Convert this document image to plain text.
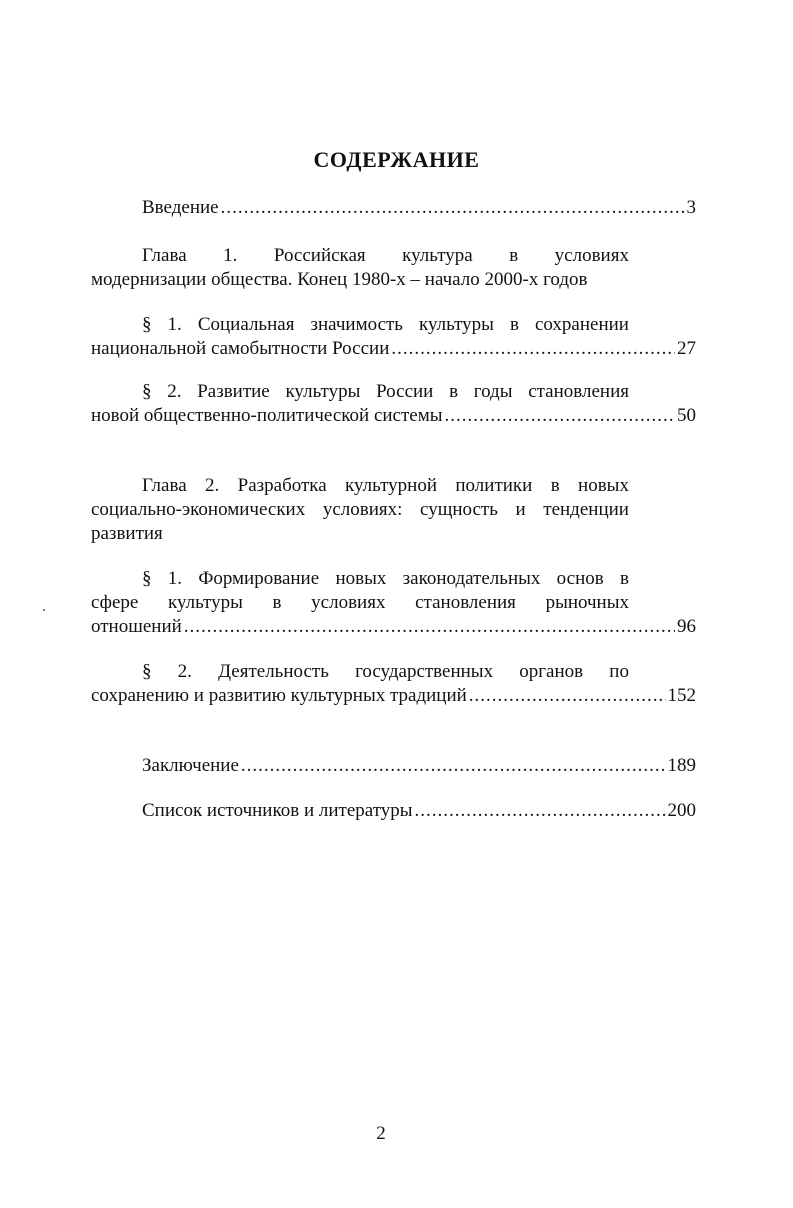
СОДЕРЖАНИЕ
Введение .....	3
Глава 1. Российская культура в условиях
модернизации общества. Конец 1980-х – начало 2000-х годов
§ 1. Социальная значимость культуры в сохранении
национальной самобытности России .....	27
§ 2. Развитие культуры России в годы становления
новой общественно-политической системы .....	50
Глава 2. Разработка культурной политики в новых
социально-экономических условиях: сущность и тенденции
развития
§ 1. Формирование новых законодательных основ в
сфере культуры в условиях становления рыночных
отношений .....	96
§ 2. Деятельность государственных органов по
сохранению и развитию культурных традиций .....	152
Заключение .....	189
Список источников и литературы .....	200
2
